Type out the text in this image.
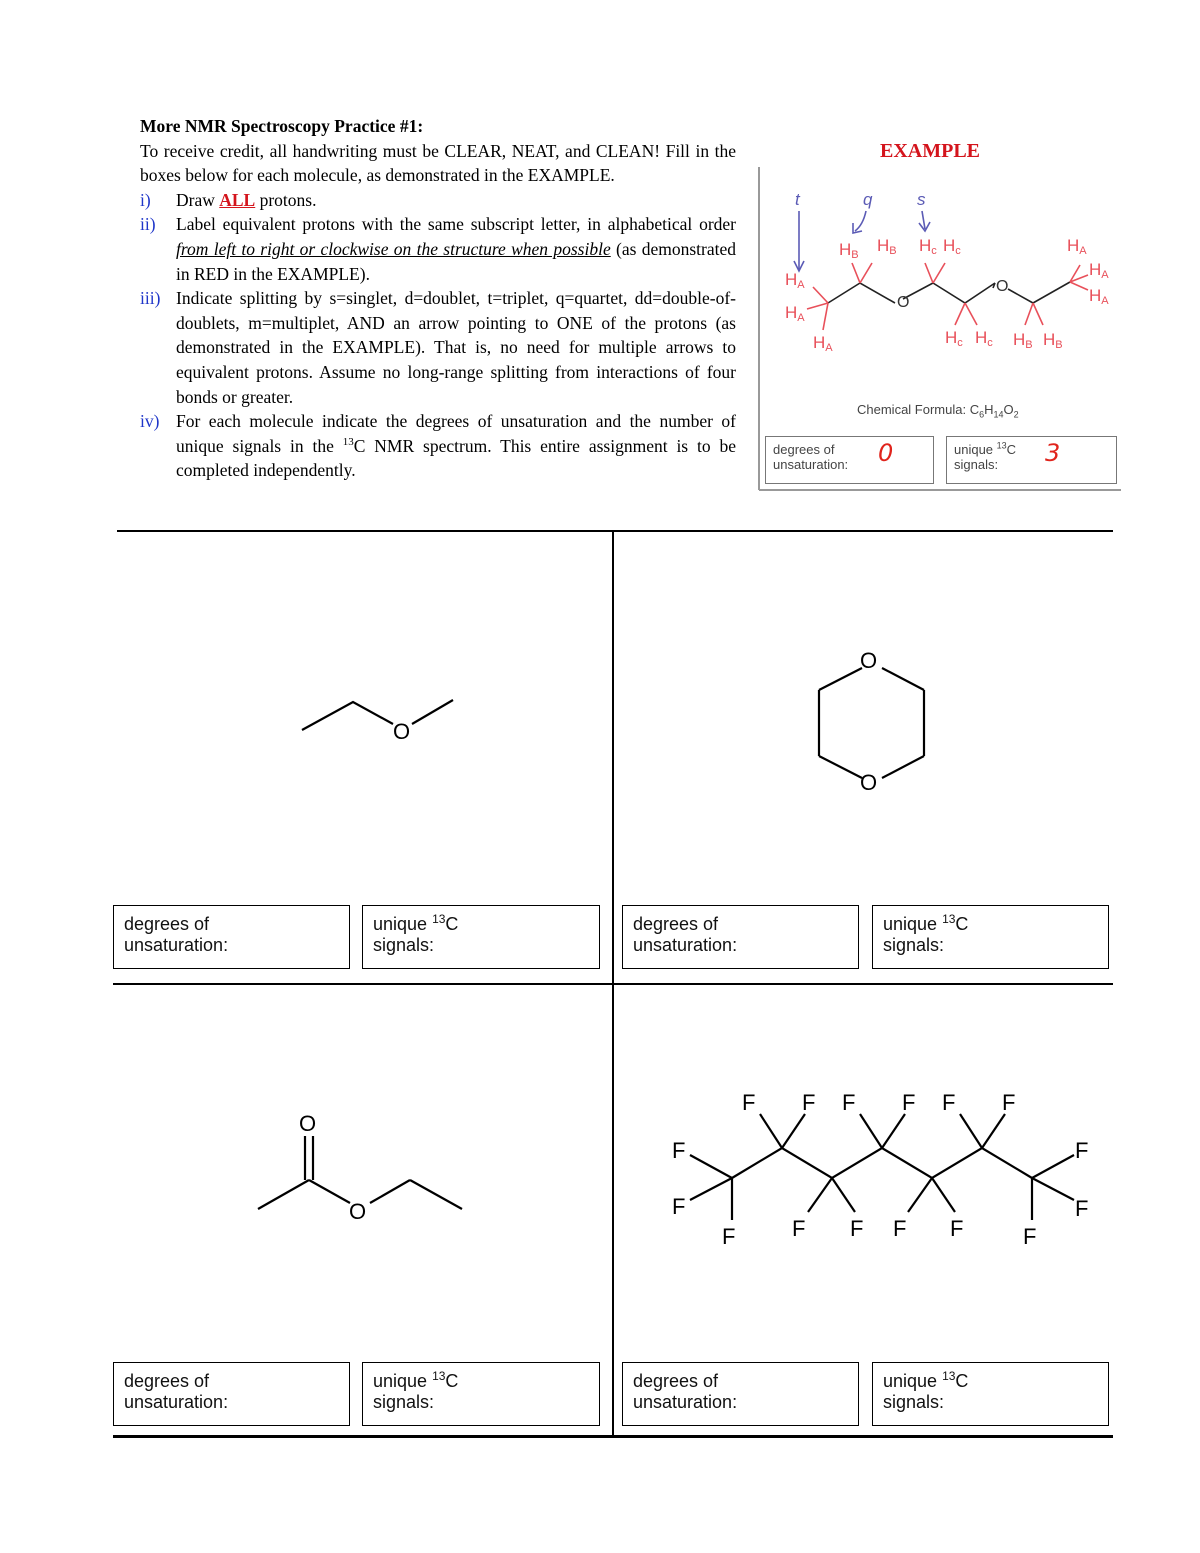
More NMR Spectroscopy Practice #1:
To receive credit, all handwriting must be CLEAR, NEAT, and CLEAN! Fill in the boxes below for each molecule, as demonstrated in the EXAMPLE.
i) Draw ALL protons.
ii) Label equivalent protons with the same subscript letter, in alphabetical order from left to right or clockwise on the structure when possible (as demonstrated in RED in the EXAMPLE).
iii) Indicate splitting by s=singlet, d=doublet, t=triplet, q=quartet, dd=double-of-doublets, m=multiplet, AND an arrow pointing to ONE of the protons (as demonstrated in the EXAMPLE). That is, no need for multiple arrows to equivalent protons. Assume no long-range splitting from interactions of four bonds or greater.
iv) For each molecule indicate the degrees of unsaturation and the number of unique signals in the $^{13}$C NMR spectrum. This entire assignment is to be completed independently.
EXAMPLE
O
O
HA
HA
HA
HB HB Hc Hc
Hc Hc HB HB
HA
HA
HA
t	q	s
Chemical Formula: $C_6H_{14}O_2$
degrees of
unsaturation:	0	unique $^{13}$C
signals:	3
O
O
O
degrees of
unsaturation:
unique $^{13}$C
signals:
degrees of
unsaturation:
unique $^{13}$C
signals:
O
O
F
F
F
F F
F F
F F
F F
F F
F
F
F
degrees of
unsaturation:
unique $^{13}$C
signals:
degrees of
unsaturation:
unique $^{13}$C
signals:
